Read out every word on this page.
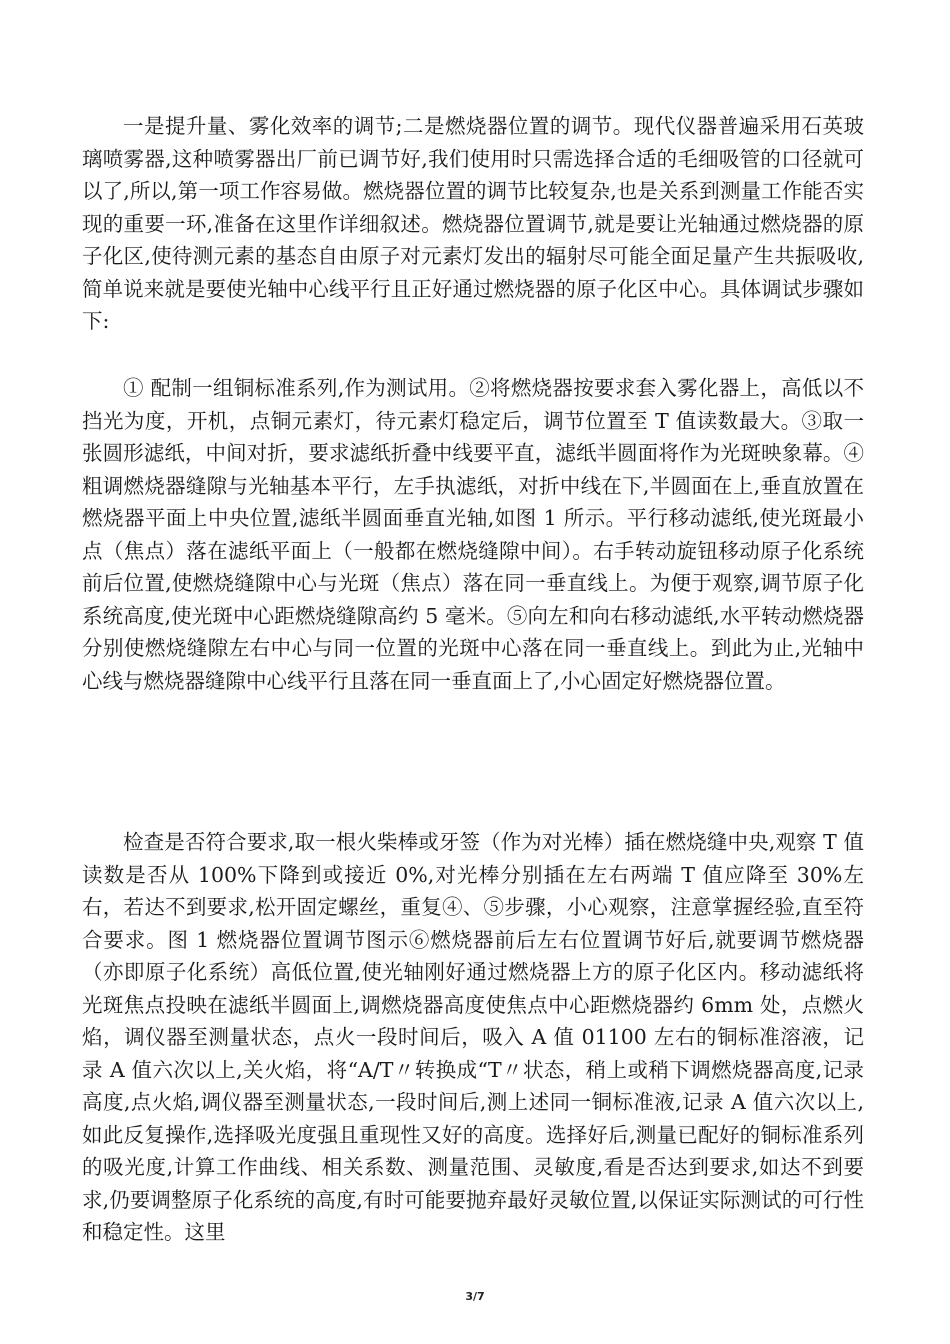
一是提升量、雾化效率的调节;二是燃烧器位置的调节。现代仪器普遍采用石英玻璃喷雾器,这种喷雾器出厂前已调节好,我们使用时只需选择合适的毛细吸管的口径就可以了,所以,第一项工作容易做。燃烧器位置的调节比较复杂,也是关系到测量工作能否实现的重要一环,准备在这里作详细叙述。燃烧器位置调节,就是要让光轴通过燃烧器的原子化区,使待测元素的基态自由原子对元素灯发出的辐射尽可能全面足量产生共振吸收,简单说来就是要使光轴中心线平行且正好通过燃烧器的原子化区中心。具体调试步骤如下:

① 配制一组铜标准系列,作为测试用。②将燃烧器按要求套入雾化器上，高低以不挡光为度，开机，点铜元素灯，待元素灯稳定后，调节位置至 T 值读数最大。③取一张圆形滤纸，中间对折，要求滤纸折叠中线要平直，滤纸半圆面将作为光斑映象幕。④粗调燃烧器缝隙与光轴基本平行，左手执滤纸，对折中线在下,半圆面在上,垂直放置在燃烧器平面上中央位置,滤纸半圆面垂直光轴,如图 1 所示。平行移动滤纸,使光斑最小点（焦点）落在滤纸平面上（一般都在燃烧缝隙中间）。右手转动旋钮移动原子化系统前后位置,使燃烧缝隙中心与光斑（焦点）落在同一垂直线上。为便于观察,调节原子化系统高度,使光斑中心距燃烧缝隙高约 5 毫米。⑤向左和向右移动滤纸,水平转动燃烧器分别使燃烧缝隙左右中心与同一位置的光斑中心落在同一垂直线上。到此为止,光轴中心线与燃烧器缝隙中心线平行且落在同一垂直面上了,小心固定好燃烧器位置。

检查是否符合要求,取一根火柴棒或牙签（作为对光棒）插在燃烧缝中央,观察 T 值读数是否从 100%下降到或接近 0%,对光棒分别插在左右两端 T 值应降至 30%左右，若达不到要求,松开固定螺丝，重复④、⑤步骤，小心观察，注意掌握经验,直至符合要求。图 1 燃烧器位置调节图示⑥燃烧器前后左右位置调节好后,就要调节燃烧器（亦即原子化系统）高低位置,使光轴刚好通过燃烧器上方的原子化区内。移动滤纸将光斑焦点投映在滤纸半圆面上,调燃烧器高度使焦点中心距燃烧器约 6mm 处，点燃火焰，调仪器至测量状态，点火一段时间后，吸入 A 值 01100 左右的铜标准溶液，记录 A 值六次以上,关火焰，将“A/T〃转换成“T〃状态，稍上或稍下调燃烧器高度,记录高度,点火焰,调仪器至测量状态,一段时间后,测上述同一铜标准液,记录 A 值六次以上,如此反复操作,选择吸光度强且重现性又好的高度。选择好后,测量已配好的铜标准系列的吸光度,计算工作曲线、相关系数、测量范围、灵敏度,看是否达到要求,如达不到要求,仍要调整原子化系统的高度,有时可能要抛弃最好灵敏位置,以保证实际测试的可行性和稳定性。这里

3/7
